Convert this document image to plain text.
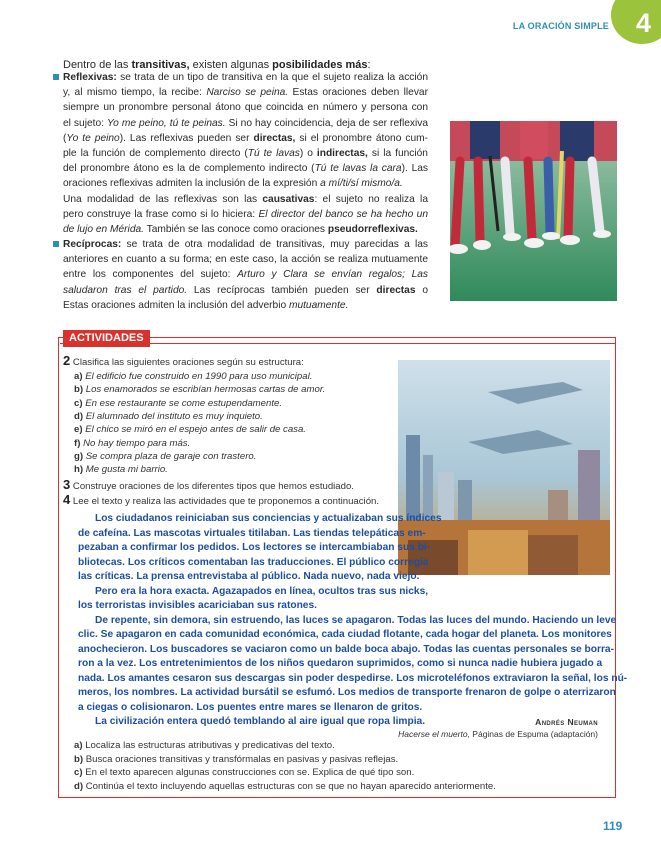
LA ORACIÓN SIMPLE 4
Dentro de las transitivas, existen algunas posibilidades más:

Reflexivas: se trata de un tipo de transitiva en la que el sujeto realiza la acción

y, al mismo tiempo, la recibe: Narciso se peina. Estas oraciones deben llevar

siempre un pronombre personal átono que coincida en número y persona con

el sujeto: Yo me peino, tú te peinas. Si no hay coincidencia, deja de ser reflexiva

(Yo te peino). Las reflexivas pueden ser directas, si el pronombre átono cum-

ple la función de complemento directo (Tú te lavas) o indirectas, si la función

del pronombre átono es la de complemento indirecto (Tú te lavas la cara). Las

oraciones reflexivas admiten la inclusión de la expresión a mí/ti/sí mismo/a.

Una modalidad de las reflexivas son las causativas: el sujeto no realiza la

pero construye la frase como si lo hiciera: El director del banco se ha hecho un

de lujo en Mérida. También se las conoce como oraciones pseudorreflexivas.

Recíprocas: se trata de otra modalidad de transitivas, muy parecidas a las

anteriores en cuanto a su forma; en este caso, la acción se realiza mutuamente

entre los componentes del sujeto: Arturo y Clara se envían regalos; Las

saludaron tras el partido. Las recíprocas también pueden ser directas o

Estas oraciones admiten la inclusión del adverbio mutuamente.

ACTIVIDADES
2 Clasifica las siguientes oraciones según su estructura:
a) El edificio fue construido en 1990 para uso municipal.
b) Los enamorados se escribían hermosas cartas de amor.
c) En ese restaurante se come estupendamente.
d) El alumnado del instituto es muy inquieto.
e) El chico se miró en el espejo antes de salir de casa.
f) No hay tiempo para más.
g) Se compra plaza de garaje con trastero.
h) Me gusta mi barrio.
3 Construye oraciones de los diferentes tipos que hemos estudiado.
4 Lee el texto y realiza las actividades que te proponemos a continuación.

Los ciudadanos reiniciaban sus conciencias y actualizaban sus índices

de cafeína. Las mascotas virtuales titilaban. Las tiendas telepáticas em-

pezaban a confirmar los pedidos. Los lectores se intercambiaban sus bi-

bliotecas. Los críticos comentaban las traducciones. El público corregía

las críticas. La prensa entrevistaba al público. Nada nuevo, nada viejo.

Pero era la hora exacta. Agazapados en línea, ocultos tras sus nicks,

los terroristas invisibles acariciaban sus ratones.

De repente, sin demora, sin estruendo, las luces se apagaron. Todas las luces del mundo. Haciendo un leve

clic. Se apagaron en cada comunidad económica, cada ciudad flotante, cada hogar del planeta. Los monitores

anochecieron. Los buscadores se vaciaron como un balde boca abajo. Todas las cuentas personales se borra-

ron a la vez. Los entretenimientos de los niños quedaron suprimidos, como si nunca nadie hubiera jugado a

nada. Los amantes cesaron sus descargas sin poder despedirse. Los microteléfonos extraviaron la señal, los nú-

meros, los nombres. La actividad bursátil se esfumó. Los medios de transporte frenaron de golpe o aterrizaron

a ciegas o colisionaron. Los puentes entre mares se llenaron de gritos.

La civilización entera quedó temblando al aire igual que ropa limpia.	Andrés Neuman
Hacerse el muerto, Páginas de Espuma (adaptación)
a) Localiza las estructuras atributivas y predicativas del texto.
b) Busca oraciones transitivas y transfórmalas en pasivas y pasivas reflejas.
c) En el texto aparecen algunas construcciones con se. Explica de qué tipo son.
d) Continúa el texto incluyendo aquellas estructuras con se que no hayan aparecido anteriormente.
119
